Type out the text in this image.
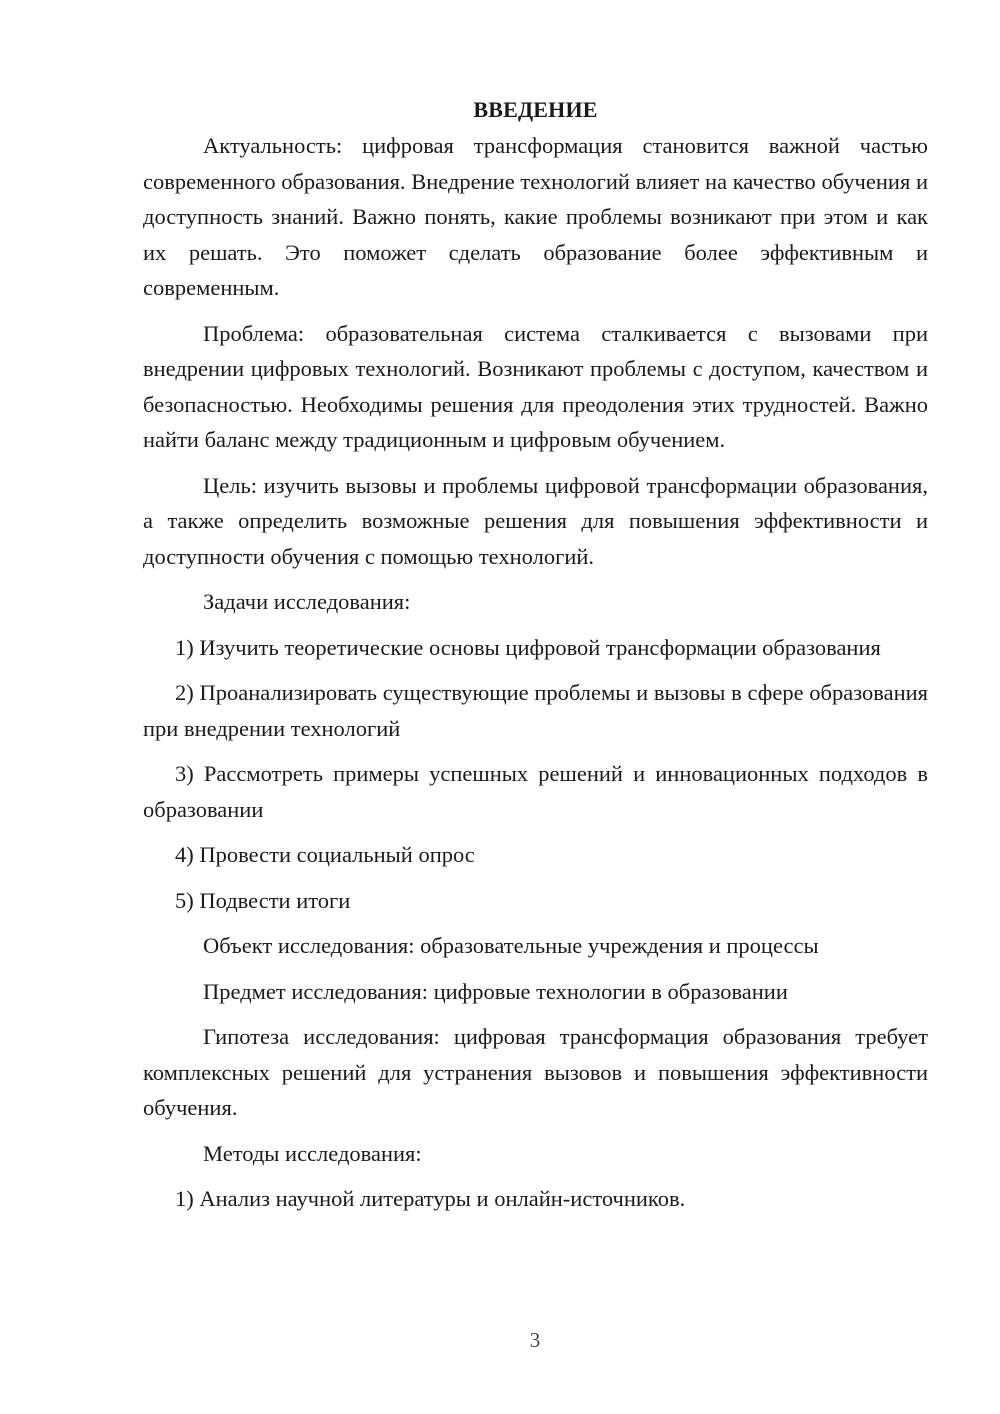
ВВЕДЕНИЕ

Актуальность: цифровая трансформация становится важной частью современного образования. Внедрение технологий влияет на качество обучения и доступность знаний. Важно понять, какие проблемы возникают при этом и как их решать. Это поможет сделать образование более эффективным и современным.

Проблема: образовательная система сталкивается с вызовами при внедрении цифровых технологий. Возникают проблемы с доступом, качеством и безопасностью. Необходимы решения для преодоления этих трудностей. Важно найти баланс между традиционным и цифровым обучением.

Цель: изучить вызовы и проблемы цифровой трансформации образования, а также определить возможные решения для повышения эффективности и доступности обучения с помощью технологий.

Задачи исследования:

1) Изучить теоретические основы цифровой трансформации образования

2) Проанализировать существующие проблемы и вызовы в сфере образования при внедрении технологий

3) Рассмотреть примеры успешных решений и инновационных подходов в образовании

4) Провести социальный опрос

5) Подвести итоги

Объект исследования: образовательные учреждения и процессы

Предмет исследования: цифровые технологии в образовании

Гипотеза исследования: цифровая трансформация образования требует комплексных решений для устранения вызовов и повышения эффективности обучения.

Методы исследования:

1) Анализ научной литературы и онлайн-источников.

3
